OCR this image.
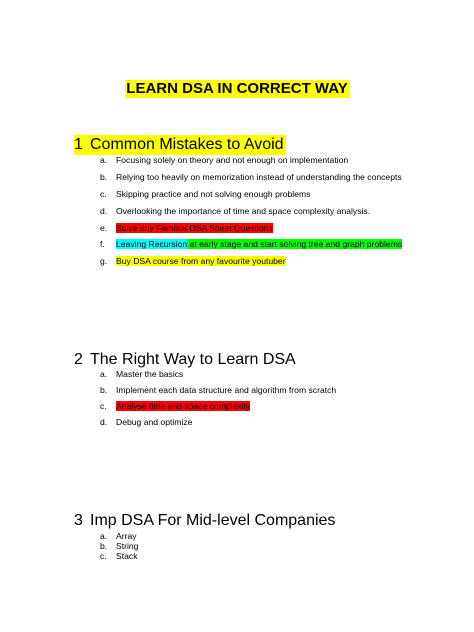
LEARN DSA IN CORRECT WAY
1 Common Mistakes to Avoid
a. Focusing solely on theory and not enough on implementation
b. Relying too heavily on memorization instead of understanding the concepts
c. Skipping practice and not solving enough problems
d. Overlooking the importance of time and space complexity analysis.
e. Solve any Famous DSA Sheet Questions
f. Leaving Recursion at early stage and start solving tree and graph problems
g. Buy DSA course from any favourite youtuber
2 The Right Way to Learn DSA
a. Master the basics
b. Implement each data structure and algorithm from scratch
c. Analyse time and space complexity
d. Debug and optimize
3 Imp DSA For Mid-level Companies
a. Array
b. String
c. Stack
